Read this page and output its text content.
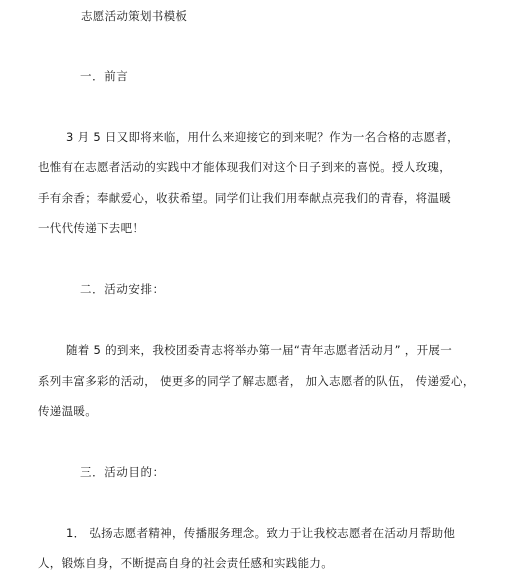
志愿活动策划书模板
一．前言
3 月 5 日又即将来临，用什么来迎接它的到来呢？作为一名合格的志愿者，
也惟有在志愿者活动的实践中才能体现我们对这个日子到来的喜悦。授人玫瑰，
手有余香；奉献爱心，收获希望。同学们让我们用奉献点亮我们的青春，将温暖
一代代传递下去吧！
二．活动安排：
随着 5 的到来，我校团委青志将举办第一届“青年志愿者活动月” ，开展一
系列丰富多彩的活动， 使更多的同学了解志愿者， 加入志愿者的队伍， 传递爱心，
传递温暖。
三．活动目的：
1． 弘扬志愿者精神，传播服务理念。致力于让我校志愿者在活动月帮助他
人，锻炼自身，不断提高自身的社会责任感和实践能力。
